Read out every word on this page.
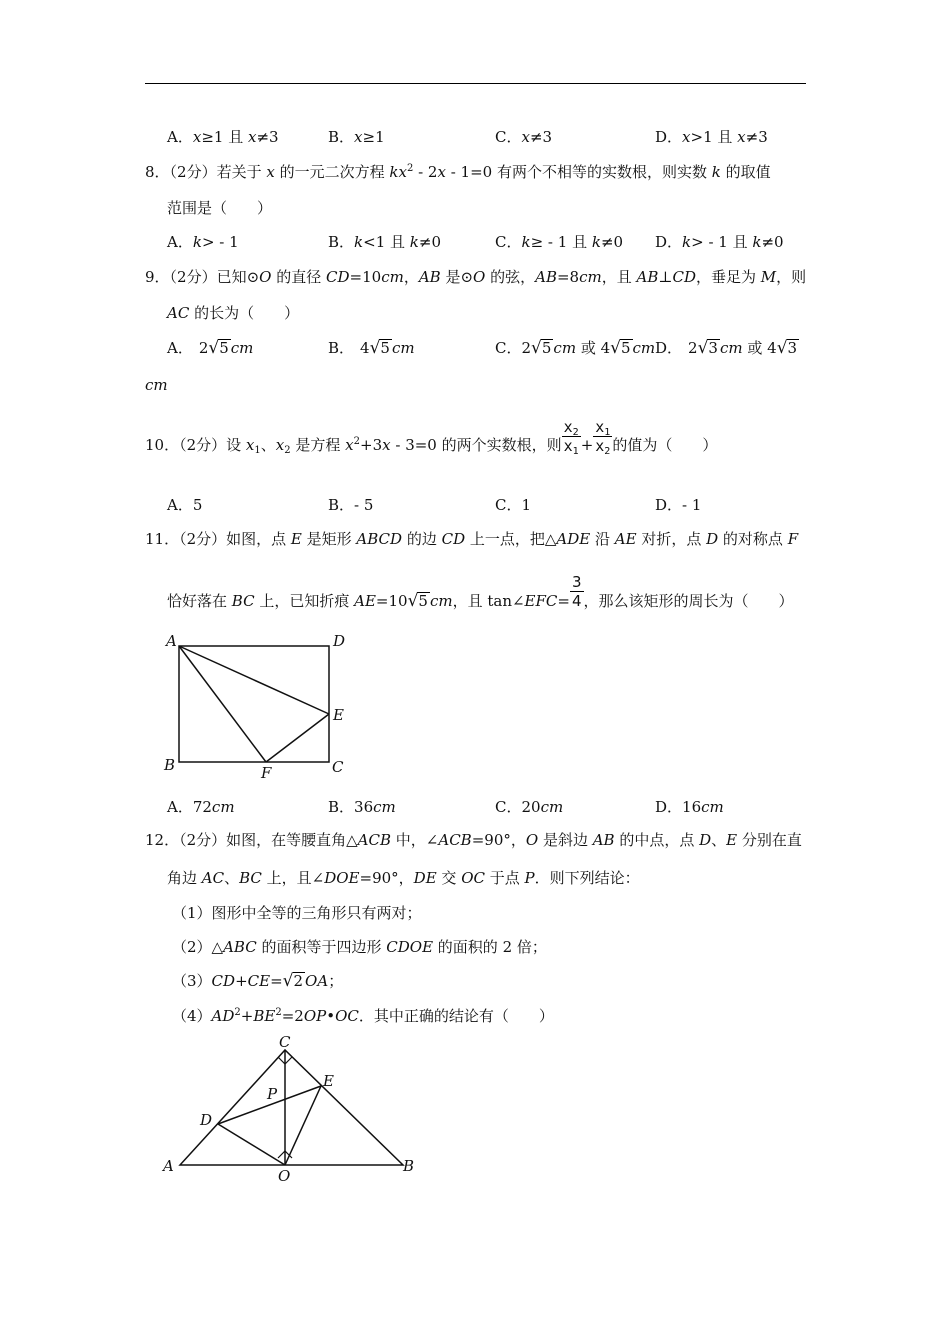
A．x≥1 且 x≠3	B．x≥1	C．x≠3	D．x>1 且 x≠3
8．（2分）若关于 x 的一元二次方程 $kx^2 - 2x - 1=0$ 有两个不相等的实数根，则实数 k 的取值
范围是（　　）
A．k> - 1	B．k<1 且 k≠0	C．k≥ - 1 且 k≠0 D．k> - 1 且 k≠0
9．（2分）已知⊙O 的直径 CD=10cm，AB 是⊙O 的弦，AB=8cm，且 AB⊥CD，垂足为 M，则
AC 的长为（　　）
A． 2√5 cm	B． 4√5 cm	C．2√5 cm 或 4√5 cm D． 2√3 cm 或 4√3
cm
10．（2分）设 $x_1$、$x_2$ 是方程 $x^2+3x - 3=0$ 的两个实数根，则 $\frac{x_2}{x_1} + \frac{x_1}{x_2}$ 的值为（　　）
A．5	B．- 5	C．1	D．- 1
11．（2分）如图，点 E 是矩形 ABCD 的边 CD 上一点，把△ADE 沿 AE 对折，点 D 的对称点 F
恰好落在 BC 上，已知折痕 AE=10√5 cm，且 tan∠EFC= $\frac{3}{4}$ ，那么该矩形的周长为（　　）
A	D
E
B	F	C
A．72cm	B．36cm	C．20cm	D．16cm
12．（2分）如图，在等腰直角△ACB 中，∠ACB=90°，O 是斜边 AB 的中点，点 D、E 分别在直
角边 AC、BC 上，且∠DOE=90°，DE 交 OC 于点 P．则下列结论：
（1）图形中全等的三角形只有两对；
（2）△ABC 的面积等于四边形 CDOE 的面积的 2 倍；
（3）CD+CE=√2 OA；
$(4)AD^2+BE^2=2OP•OC$．其中正确的结论有（　　）
C
E
P
D
A
O
B
